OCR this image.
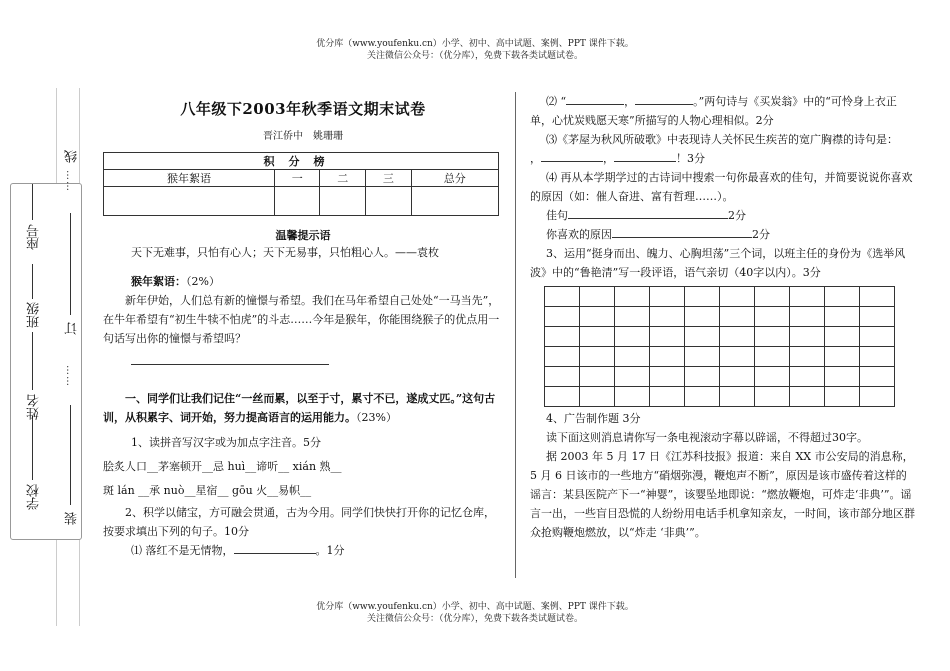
优分库（www.youfenku.cn）小学、初中、高中试题、案例、PPT 课件下载。
关注微信公众号：（优分库），免费下载各类试题试卷。
学校
姓名
班级
座号
装
……
订
……
线
八年级下2003年秋季语文期末试卷
晋江侨中　姚珊珊
积分榜				
猴年絮语	一	二	三	总分

温馨提示语

天下无难事，只怕有心人；天下无易事，只怕粗心人。——袁枚

猴年絮语：（2%）

新年伊始，人们总有新的憧憬与希望。我们在马年希望自己处处“一马当先”，在牛年希望有“初生牛犊不怕虎”的斗志……今年是猴年，你能围绕猴子的优点用一句话写出你的憧憬与希望吗？

一、同学们让我们记住“一丝而累，以至于寸，累寸不已，遂成丈匹。”这句古训，从积累字、词开始，努力提高语言的运用能力。（23%）

1、读拼音写汉字或为加点字注音。5分

脍炙人口__茅塞顿开__忌 huì__谛听__ xián 熟__

斑 lán __承 nuò__星宿__ gōu 火__易帜__

2、积学以储宝，方可融会贯通，古为今用。同学们快快打开你的记忆仓库，按要求填出下列的句子。10分

⑴ 落红不是无情物，	。1分

⑵ “	，	。”两句诗与《买炭翁》中的“可怜身上衣正单，心忧炭贱愿天寒”所描写的人物心理相似。2分

⑶《茅屋为秋风所破歌》中表现诗人关怀民生疾苦的宽广胸襟的诗句是：

，	，	！3分

⑷ 再从本学期学过的古诗词中搜索一句你最喜欢的佳句，并简要说说你喜欢的原因（如：催人奋进、富有哲理……）。

佳句	2分

你喜欢的原因	2分

3、运用“挺身而出、魄力、心胸坦荡”三个词，以班主任的身份为《选举风波》中的“鲁艳清”写一段评语，语气亲切（40字以内）。3分

4、广告制作题 3分

读下面这则消息请你写一条电视滚动字幕以辟谣，不得超过30字。

据 2003 年 5 月 17 日《江苏科技报》报道：来自 XX 市公安局的消息称，5 月 6 日该市的一些地方“硝烟弥漫，鞭炮声不断”，原因是该市盛传着这样的谣言：某县医院产下一“神婴”，该婴坠地即说：“燃放鞭炮，可炸走‘非典’”。谣言一出，一些盲目恐慌的人纷纷用电话手机拿知亲友，一时间，该市部分地区群众抢购鞭炮燃放，以“炸走 ‘非典’”。

优分库（www.youfenku.cn）小学、初中、高中试题、案例、PPT 课件下载。
关注微信公众号：（优分库），免费下载各类试题试卷。
